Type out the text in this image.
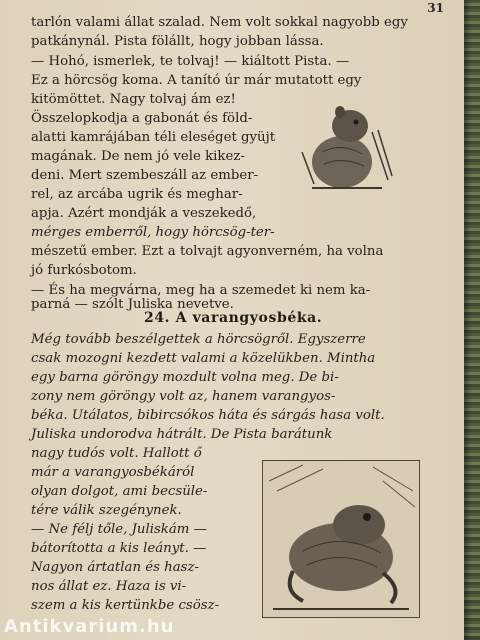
31
tarlón valami állat szalad. Nem volt sokkal nagyobb egy
patkánynál. Pista fölállt, hogy jobban lássa.
— Hohó, ismerlek, te tolvaj! — kiáltott Pista. —
Ez a hörcsög koma. A tanító úr már mutatott egy
kitömöttet. Nagy tolvaj ám ez!
Összelopkodja a gabonát és föld-
alatti kamrájában téli eleséget gyüjt
magának. De nem jó vele kikez-
deni. Mert szembeszáll az ember-
rel, az arcába ugrik és meghar-
apja. Azért mondják a veszekedő,
mérges emberről, hogy hörcsög-ter-
mészetű ember. Ezt a tolvajt agyonverném, ha volna
jó furkósbotom.
— És ha megvárna, meg ha a szemedet ki nem ka-
parná — szólt Juliska nevetve.
24. A varangyosbéka.
Még tovább beszélgettek a hörcsögről. Egyszerre
csak mozogni kezdett valami a közelükben. Mintha
egy barna göröngy mozdult volna meg. De bi-
zony nem göröngy volt az, hanem varangyos-
béka. Utálatos, bibircsókos háta és sárgás hasa volt.
Juliska undorodva hátrált. De Pista barátunk
nagy tudós volt. Hallott ő
már a varangyosbékáról
olyan dolgot, ami becsüle-
tére válik szegénynek.
— Ne félj tőle, Juliskám —
bátorította a kis leányt. —
Nagyon ártatlan és hasz-
nos állat ez. Haza is vi-
szem a kis kertünkbe csösz-
Antikvarium.hu
